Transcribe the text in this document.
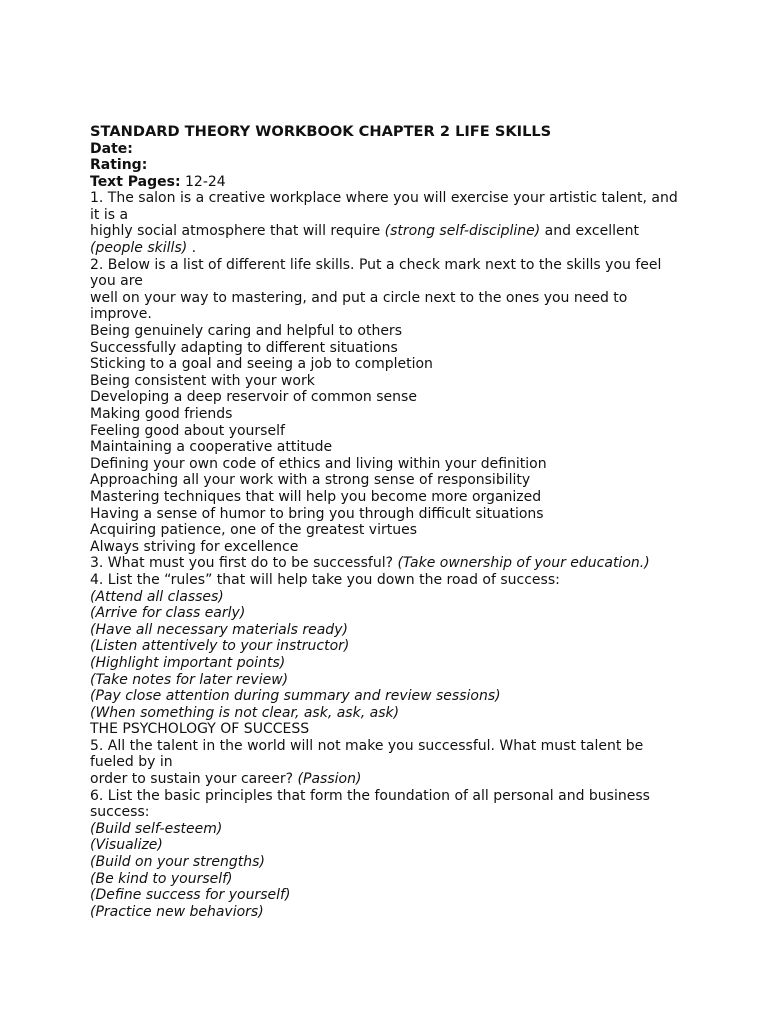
STANDARD THEORY WORKBOOK CHAPTER 2 LIFE SKILLS
Date:
Rating:
Text Pages: 12-24
1. The salon is a creative workplace where you will exercise your artistic talent, and
it is a
highly social atmosphere that will require (strong self-discipline) and excellent
(people skills) .
2. Below is a list of different life skills. Put a check mark next to the skills you feel
you are
well on your way to mastering, and put a circle next to the ones you need to
improve.
Being genuinely caring and helpful to others
Successfully adapting to different situations
Sticking to a goal and seeing a job to completion
Being consistent with your work
Developing a deep reservoir of common sense
Making good friends
Feeling good about yourself
Maintaining a cooperative attitude
Defining your own code of ethics and living within your definition
Approaching all your work with a strong sense of responsibility
Mastering techniques that will help you become more organized
Having a sense of humor to bring you through difficult situations
Acquiring patience, one of the greatest virtues
Always striving for excellence
3. What must you first do to be successful? (Take ownership of your education.)
4. List the “rules” that will help take you down the road of success:
(Attend all classes)
(Arrive for class early)
(Have all necessary materials ready)
(Listen attentively to your instructor)
(Highlight important points)
(Take notes for later review)
(Pay close attention during summary and review sessions)
(When something is not clear, ask, ask, ask)
THE PSYCHOLOGY OF SUCCESS
5. All the talent in the world will not make you successful. What must talent be
fueled by in
order to sustain your career? (Passion)
6. List the basic principles that form the foundation of all personal and business
success:
(Build self-esteem)
(Visualize)
(Build on your strengths)
(Be kind to yourself)
(Define success for yourself)
(Practice new behaviors)
